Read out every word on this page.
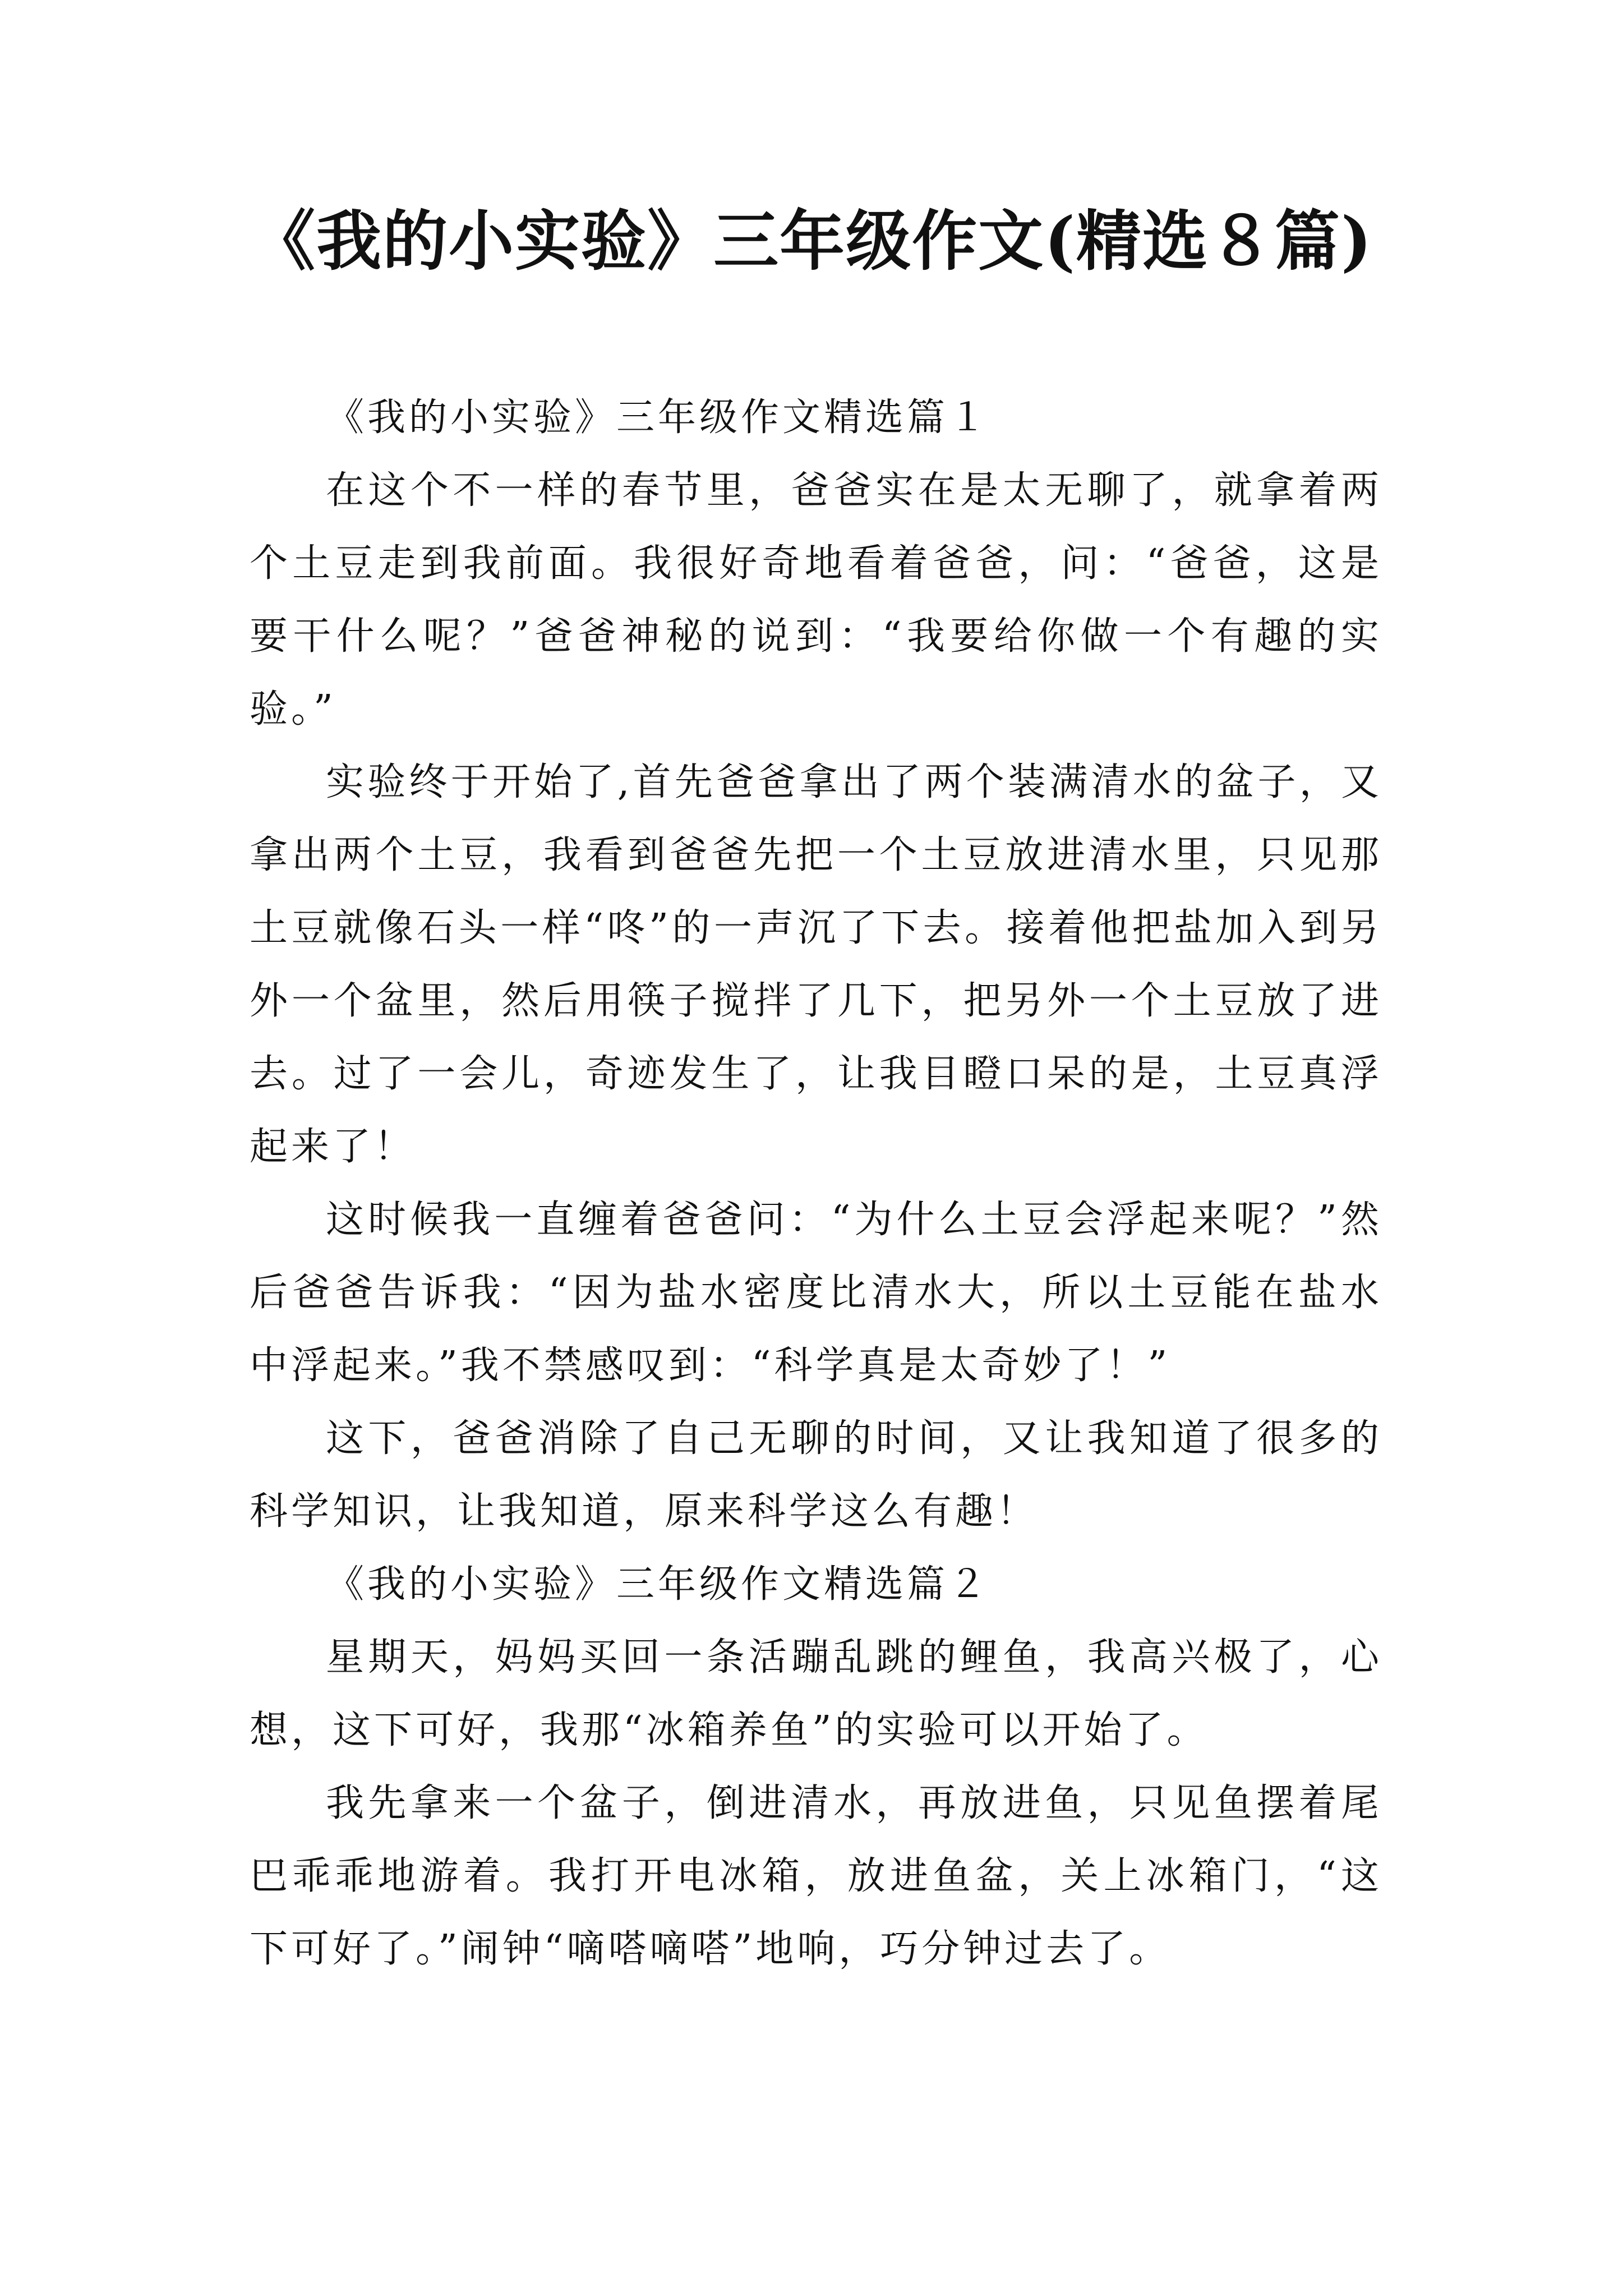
《我的小实验》三年级作文(精选８篇)

《我的小实验》三年级作文精选篇１

在这个不一样的春节里，爸爸实在是太无聊了，就拿着两个土豆走到我前面。我很好奇地看着爸爸，问：“爸爸，这是要干什么呢？”爸爸神秘的说到：“我要给你做一个有趣的实验。”

实验终于开始了,首先爸爸拿出了两个装满清水的盆子，又拿出两个土豆，我看到爸爸先把一个土豆放进清水里，只见那土豆就像石头一样“咚”的一声沉了下去。接着他把盐加入到另外一个盆里，然后用筷子搅拌了几下，把另外一个土豆放了进去。过了一会儿，奇迹发生了，让我目瞪口呆的是，土豆真浮起来了！

这时候我一直缠着爸爸问：“为什么土豆会浮起来呢？”然后爸爸告诉我：“因为盐水密度比清水大，所以土豆能在盐水中浮起来。”我不禁感叹到：“科学真是太奇妙了！”

这下，爸爸消除了自己无聊的时间，又让我知道了很多的科学知识，让我知道，原来科学这么有趣！

《我的小实验》三年级作文精选篇２

星期天，妈妈买回一条活蹦乱跳的鲤鱼，我高兴极了，心想，这下可好，我那“冰箱养鱼”的实验可以开始了。

我先拿来一个盆子，倒进清水，再放进鱼，只见鱼摆着尾巴乖乖地游着。我打开电冰箱，放进鱼盆，关上冰箱门，“这下可好了。”闹钟“嘀嗒嘀嗒”地响，巧分钟过去了。
